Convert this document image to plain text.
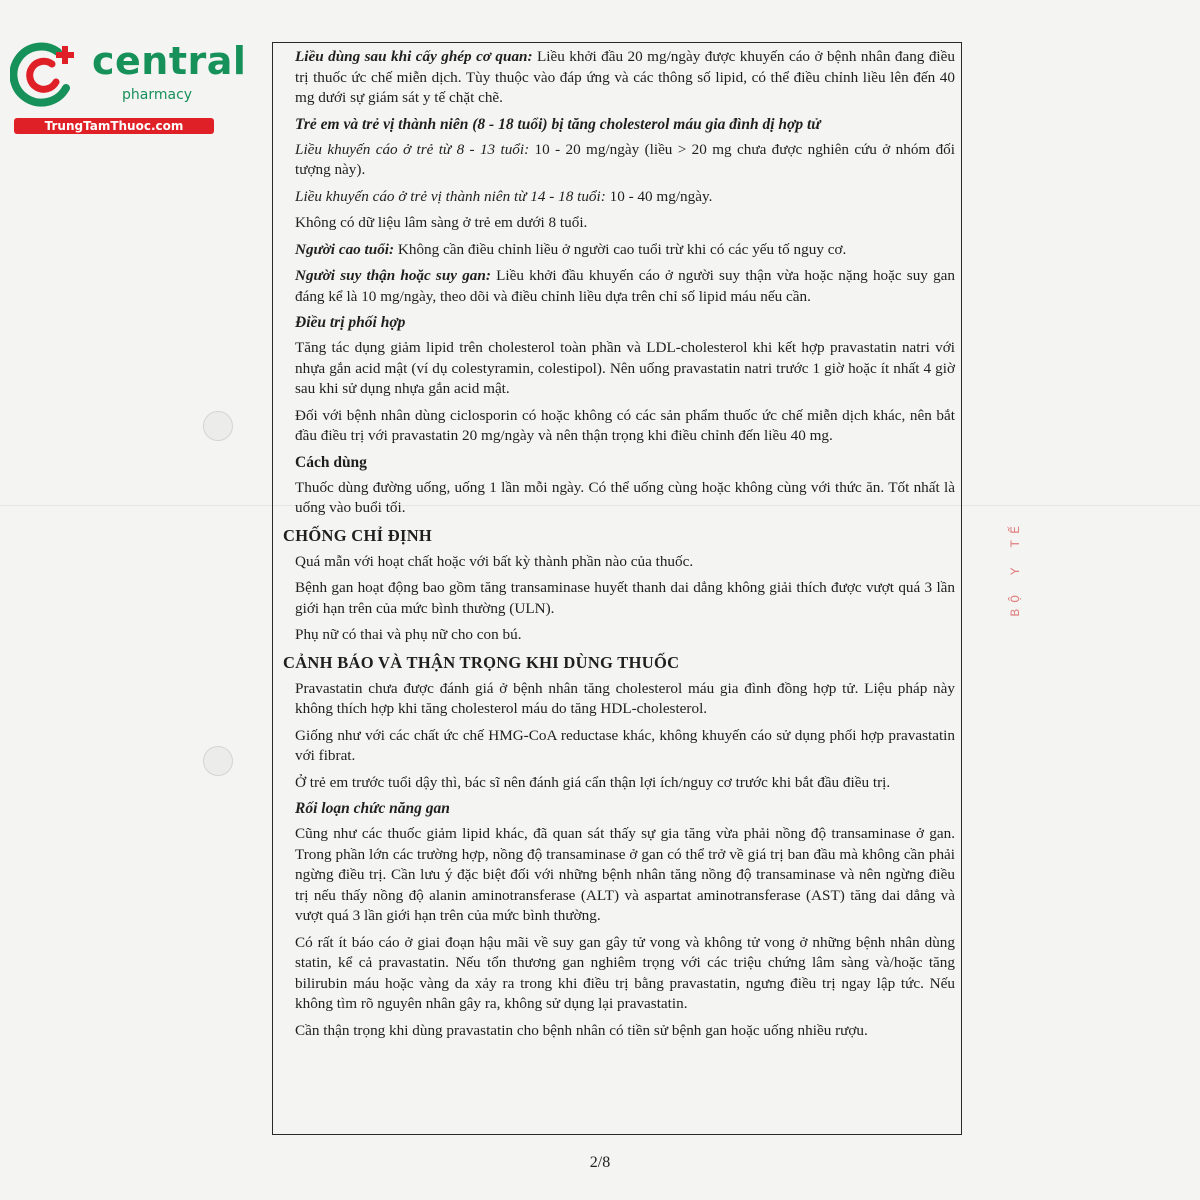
central
pharmacy
TrungTamThuoc.com

Liều dùng sau khi cấy ghép cơ quan: Liều khởi đầu 20 mg/ngày được khuyến cáo ở bệnh nhân đang điều trị thuốc ức chế miễn dịch. Tùy thuộc vào đáp ứng và các thông số lipid, có thể điều chỉnh liều lên đến 40 mg dưới sự giám sát y tế chặt chẽ.

Trẻ em và trẻ vị thành niên (8 - 18 tuổi) bị tăng cholesterol máu gia đình dị hợp tử

Liều khuyến cáo ở trẻ từ 8 - 13 tuổi: 10 - 20 mg/ngày (liều > 20 mg chưa được nghiên cứu ở nhóm đối tượng này).

Liều khuyến cáo ở trẻ vị thành niên từ 14 - 18 tuổi: 10 - 40 mg/ngày.

Không có dữ liệu lâm sàng ở trẻ em dưới 8 tuổi.

Người cao tuổi: Không cần điều chỉnh liều ở người cao tuổi trừ khi có các yếu tố nguy cơ.

Người suy thận hoặc suy gan: Liều khởi đầu khuyến cáo ở người suy thận vừa hoặc nặng hoặc suy gan đáng kể là 10 mg/ngày, theo dõi và điều chỉnh liều dựa trên chỉ số lipid máu nếu cần.

Điều trị phối hợp

Tăng tác dụng giảm lipid trên cholesterol toàn phần và LDL-cholesterol khi kết hợp pravastatin natri với nhựa gắn acid mật (ví dụ colestyramin, colestipol). Nên uống pravastatin natri trước 1 giờ hoặc ít nhất 4 giờ sau khi sử dụng nhựa gắn acid mật.

Đối với bệnh nhân dùng ciclosporin có hoặc không có các sản phẩm thuốc ức chế miễn dịch khác, nên bắt đầu điều trị với pravastatin 20 mg/ngày và nên thận trọng khi điều chỉnh đến liều 40 mg.

Cách dùng

Thuốc dùng đường uống, uống 1 lần mỗi ngày. Có thể uống cùng hoặc không cùng với thức ăn. Tốt nhất là uống vào buổi tối.

CHỐNG CHỈ ĐỊNH

Quá mẫn với hoạt chất hoặc với bất kỳ thành phần nào của thuốc.

Bệnh gan hoạt động bao gồm tăng transaminase huyết thanh dai dẳng không giải thích được vượt quá 3 lần giới hạn trên của mức bình thường (ULN).

Phụ nữ có thai và phụ nữ cho con bú.

CẢNH BÁO VÀ THẬN TRỌNG KHI DÙNG THUỐC

Pravastatin chưa được đánh giá ở bệnh nhân tăng cholesterol máu gia đình đồng hợp tử. Liệu pháp này không thích hợp khi tăng cholesterol máu do tăng HDL-cholesterol.

Giống như với các chất ức chế HMG-CoA reductase khác, không khuyến cáo sử dụng phối hợp pravastatin với fibrat.

Ở trẻ em trước tuổi dậy thì, bác sĩ nên đánh giá cẩn thận lợi ích/nguy cơ trước khi bắt đầu điều trị.

Rối loạn chức năng gan

Cũng như các thuốc giảm lipid khác, đã quan sát thấy sự gia tăng vừa phải nồng độ transaminase ở gan. Trong phần lớn các trường hợp, nồng độ transaminase ở gan có thể trở về giá trị ban đầu mà không cần phải ngừng điều trị. Cần lưu ý đặc biệt đối với những bệnh nhân tăng nồng độ transaminase và nên ngừng điều trị nếu thấy nồng độ alanin aminotransferase (ALT) và aspartat aminotransferase (AST) tăng dai dẳng và vượt quá 3 lần giới hạn trên của mức bình thường.

Có rất ít báo cáo ở giai đoạn hậu mãi về suy gan gây tử vong và không tử vong ở những bệnh nhân dùng statin, kể cả pravastatin. Nếu tổn thương gan nghiêm trọng với các triệu chứng lâm sàng và/hoặc tăng bilirubin máu hoặc vàng da xảy ra trong khi điều trị bằng pravastatin, ngưng điều trị ngay lập tức. Nếu không tìm rõ nguyên nhân gây ra, không sử dụng lại pravastatin.

Cần thận trọng khi dùng pravastatin cho bệnh nhân có tiền sử bệnh gan hoặc uống nhiều rượu.

2/8
BỘ Y TẾ
